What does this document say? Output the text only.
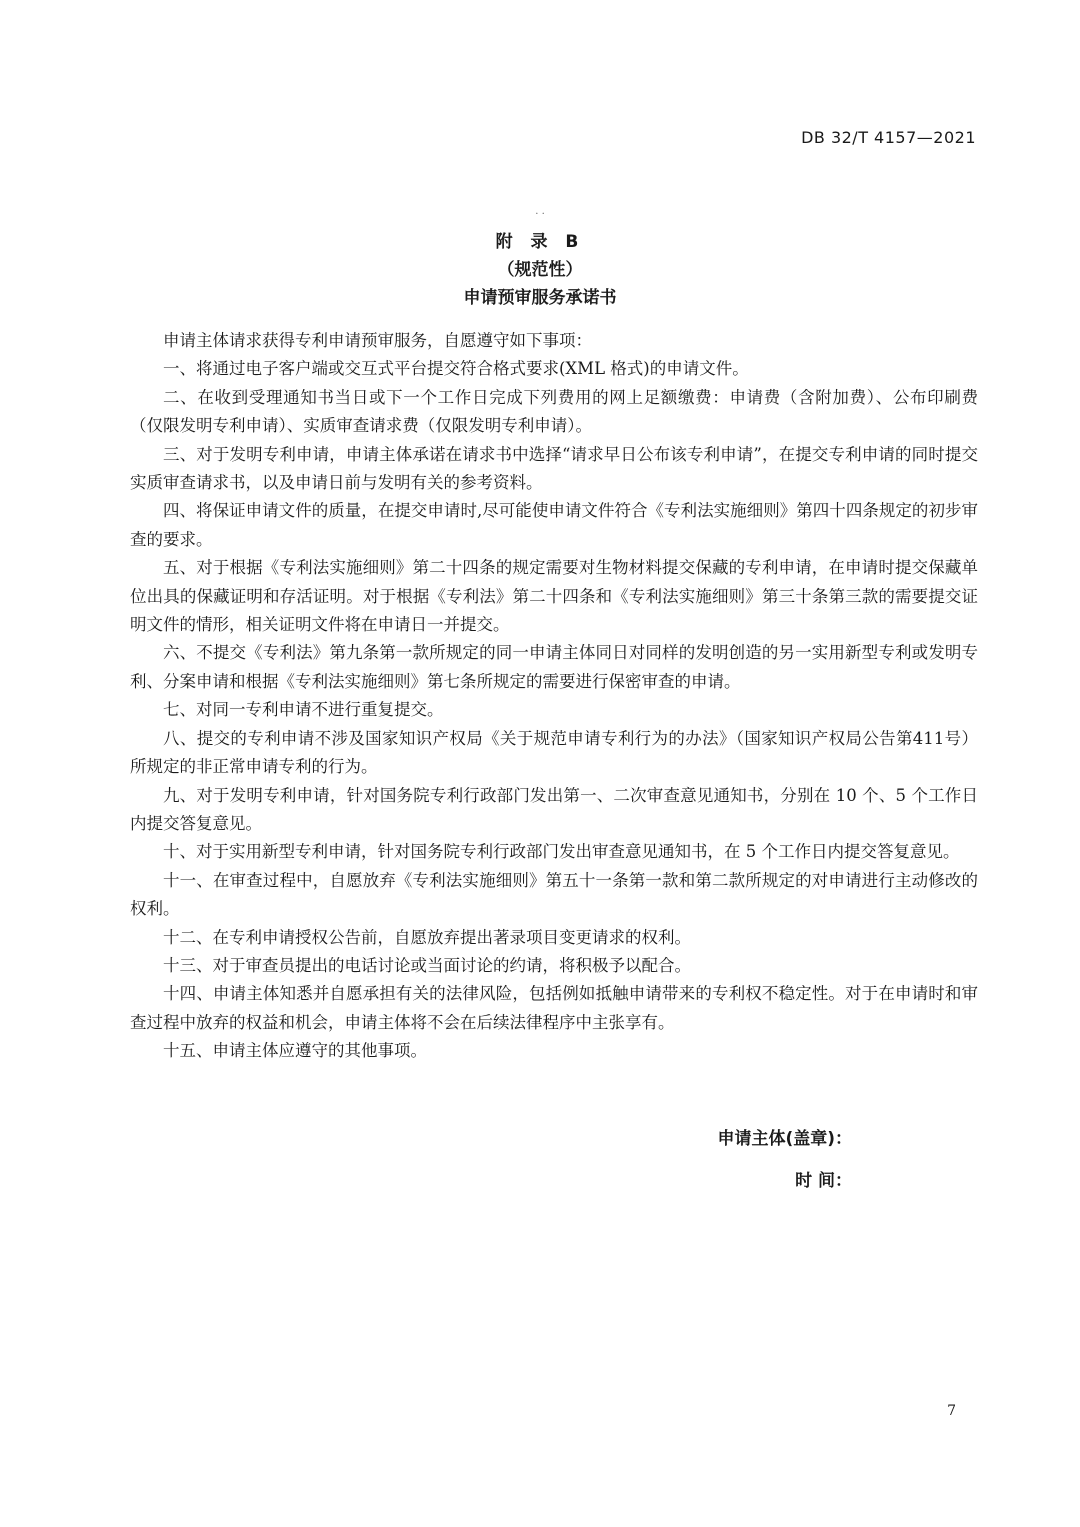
DB 32/T 4157—2021
. .
附 录 B
（规范性）
申请预审服务承诺书

申请主体请求获得专利申请预审服务，自愿遵守如下事项：

一、将通过电子客户端或交互式平台提交符合格式要求(XML 格式)的申请文件。

二、在收到受理通知书当日或下一个工作日完成下列费用的网上足额缴费：申请费（含附加费）、公布印刷费（仅限发明专利申请）、实质审查请求费（仅限发明专利申请）。

三、对于发明专利申请，申请主体承诺在请求书中选择“请求早日公布该专利申请”，在提交专利申请的同时提交实质审查请求书，以及申请日前与发明有关的参考资料。

四、将保证申请文件的质量，在提交申请时,尽可能使申请文件符合《专利法实施细则》第四十四条规定的初步审查的要求。

五、对于根据《专利法实施细则》第二十四条的规定需要对生物材料提交保藏的专利申请，在申请时提交保藏单位出具的保藏证明和存活证明。对于根据《专利法》第二十四条和《专利法实施细则》第三十条第三款的需要提交证明文件的情形，相关证明文件将在申请日一并提交。

六、不提交《专利法》第九条第一款所规定的同一申请主体同日对同样的发明创造的另一实用新型专利或发明专利、分案申请和根据《专利法实施细则》第七条所规定的需要进行保密审查的申请。

七、对同一专利申请不进行重复提交。

八、提交的专利申请不涉及国家知识产权局《关于规范申请专利行为的办法》（国家知识产权局公告第411号）所规定的非正常申请专利的行为。

九、对于发明专利申请，针对国务院专利行政部门发出第一、二次审查意见通知书，分别在 10 个、5 个工作日内提交答复意见。

十、对于实用新型专利申请，针对国务院专利行政部门发出审查意见通知书，在 5 个工作日内提交答复意见。

十一、在审查过程中，自愿放弃《专利法实施细则》第五十一条第一款和第二款所规定的对申请进行主动修改的权利。

十二、在专利申请授权公告前，自愿放弃提出著录项目变更请求的权利。

十三、对于审查员提出的电话讨论或当面讨论的约请，将积极予以配合。

十四、申请主体知悉并自愿承担有关的法律风险，包括例如抵触申请带来的专利权不稳定性。对于在申请时和审查过程中放弃的权益和机会，申请主体将不会在后续法律程序中主张享有。

十五、申请主体应遵守的其他事项。

申请主体(盖章)：
时 间：
7
